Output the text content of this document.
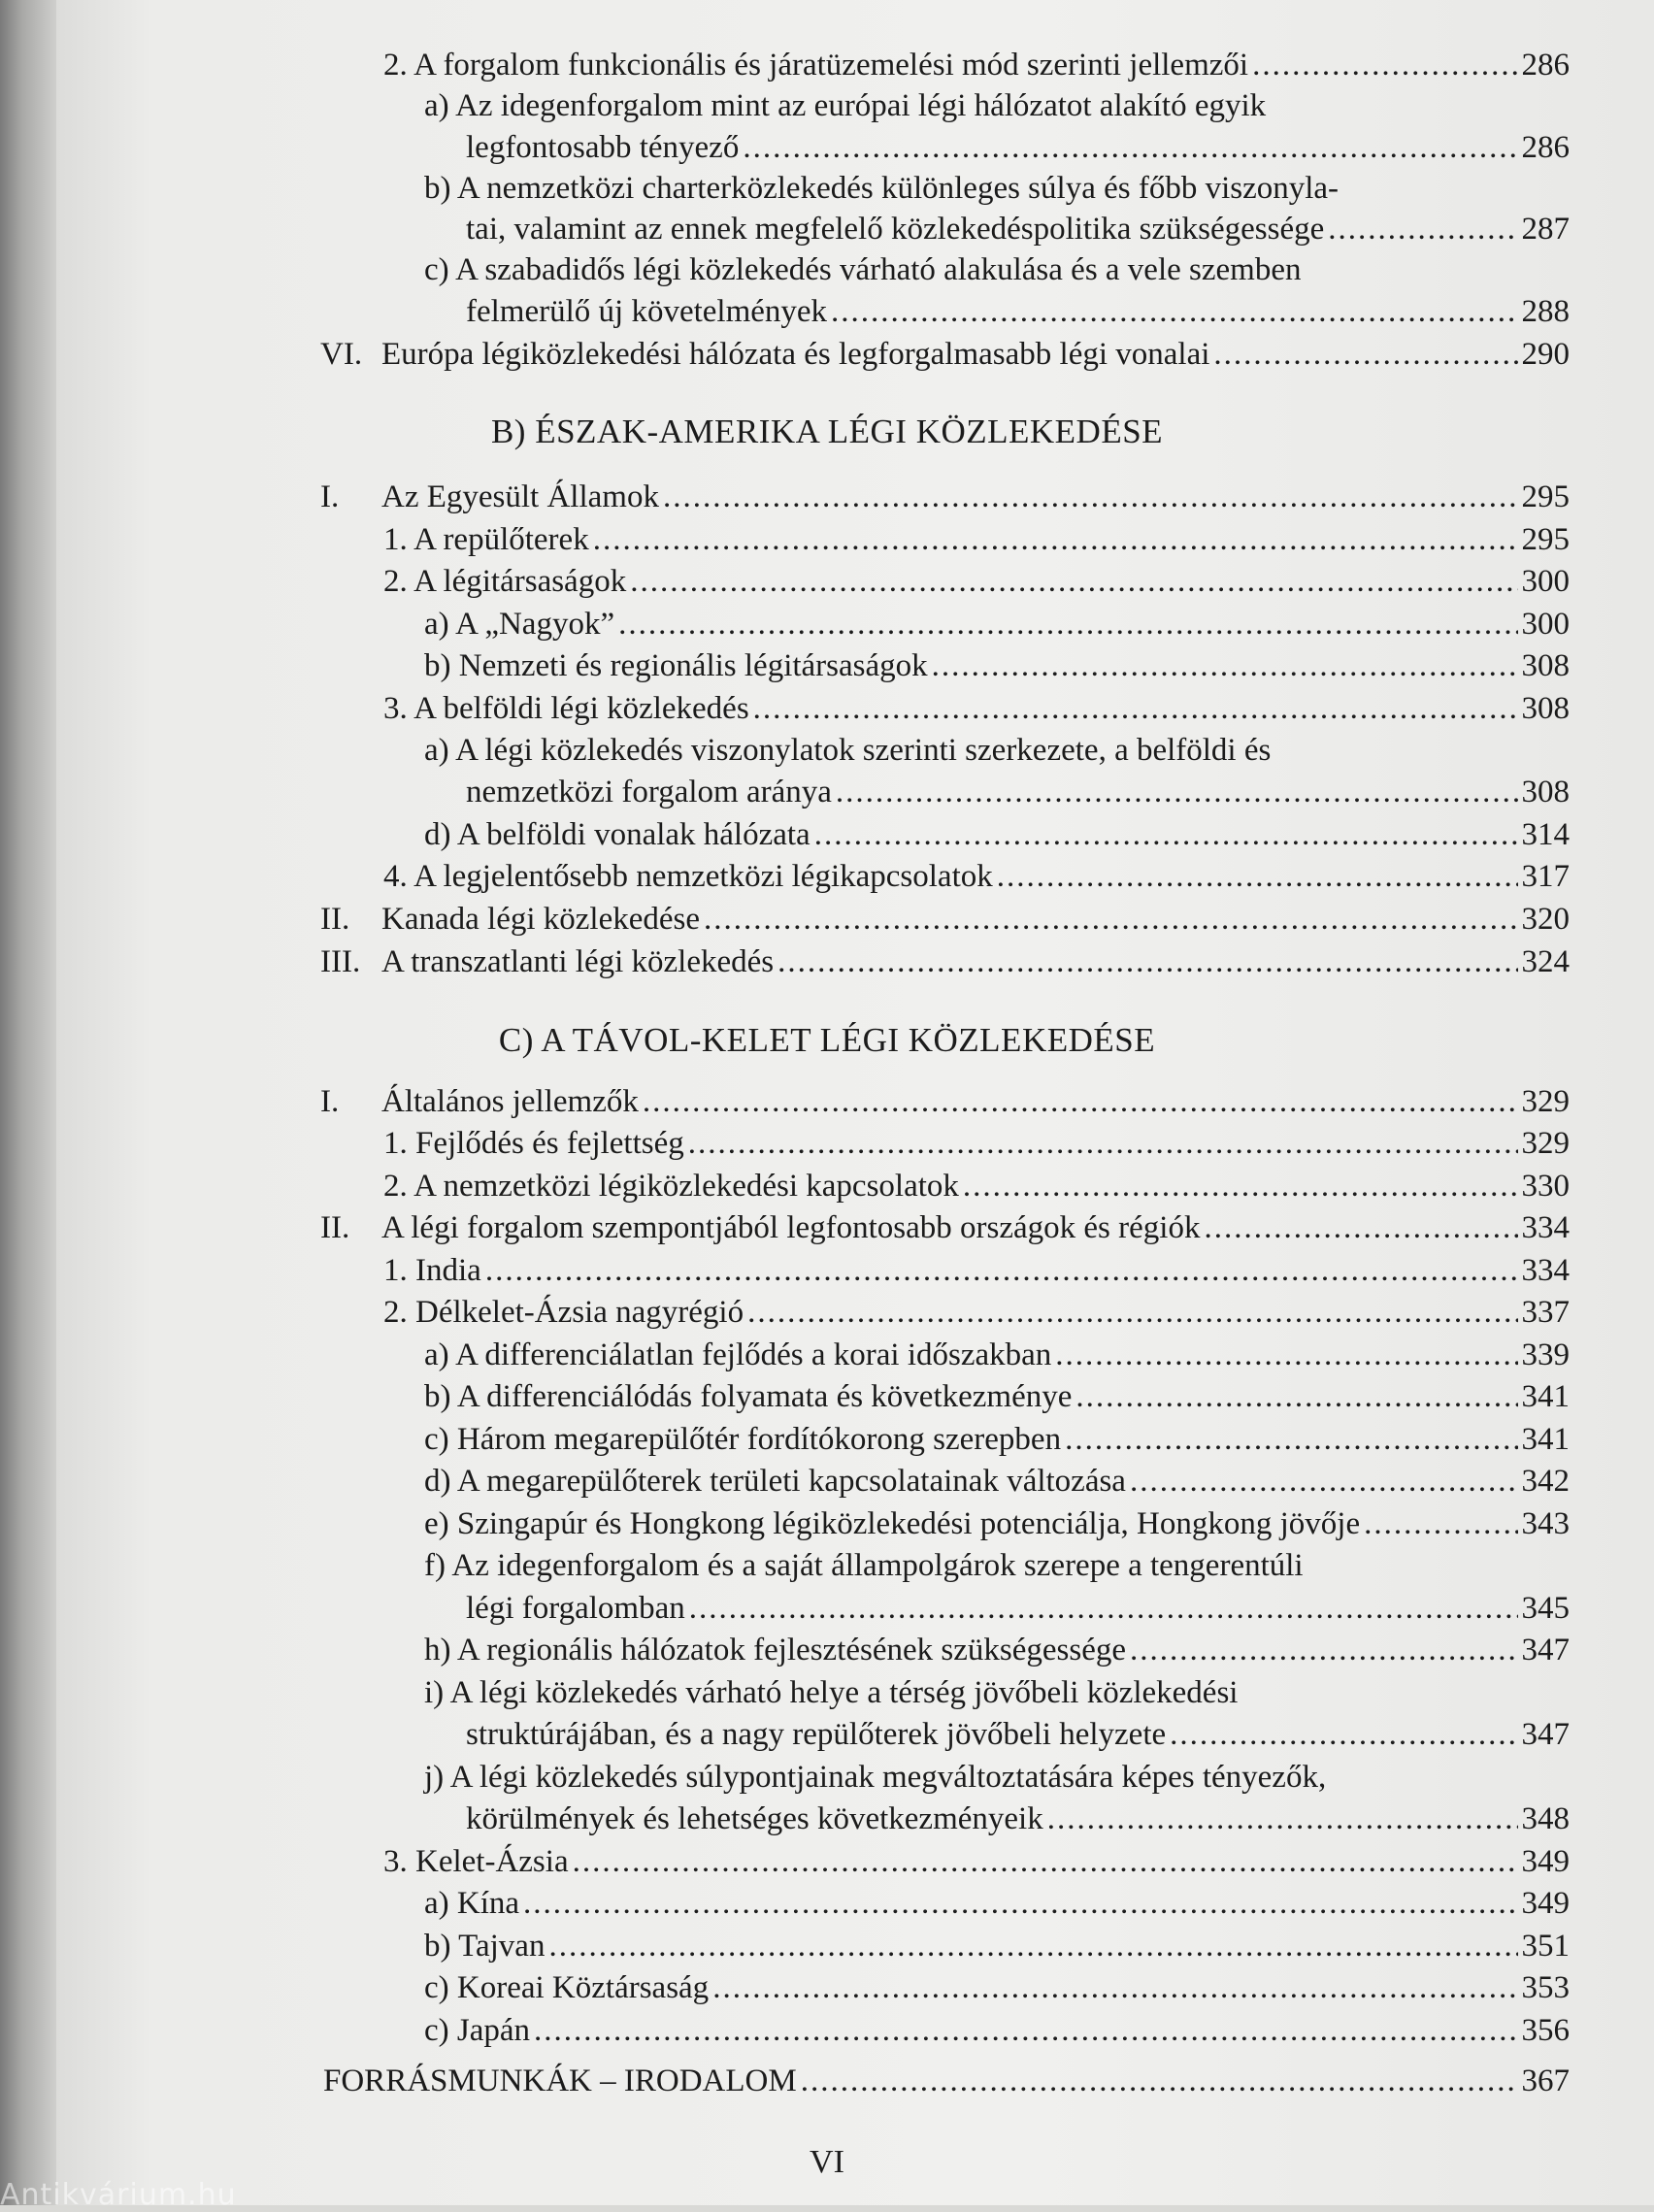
2. A forgalom funkcionális és járatüzemelési mód szerinti jellemzői .....	286
a) Az idegenforgalom mint az európai légi hálózatot alakító egyik
legfontosabb tényező .....	286
b) A nemzetközi charterközlekedés különleges súlya és főbb viszonyla-
tai, valamint az ennek megfelelő közlekedéspolitika szükségessége .....	287
c) A szabadidős légi közlekedés várható alakulása és a vele szemben
felmerülő új követelmények .....	288
VI. Európa légiközlekedési hálózata és legforgalmasabb légi vonalai .....	290
B) ÉSZAK-AMERIKA LÉGI KÖZLEKEDÉSE
I. Az Egyesült Államok .....	295
1. A repülőterek .....	295
2. A légitársaságok .....	300
a) A „Nagyok” .....	300
b) Nemzeti és regionális légitársaságok .....	308
3. A belföldi légi közlekedés .....	308
a) A légi közlekedés viszonylatok szerinti szerkezete, a belföldi és
nemzetközi forgalom aránya .....	308
d) A belföldi vonalak hálózata .....	314
4. A legjelentősebb nemzetközi légikapcsolatok .....	317
II. Kanada légi közlekedése .....	320
III. A transzatlanti légi közlekedés .....	324
C) A TÁVOL-KELET LÉGI KÖZLEKEDÉSE
I. Általános jellemzők .....	329
1. Fejlődés és fejlettség .....	329
2. A nemzetközi légiközlekedési kapcsolatok .....	330
II. A légi forgalom szempontjából legfontosabb országok és régiók .....	334
1. India .....	334
2. Délkelet-Ázsia nagyrégió .....	337
a) A differenciálatlan fejlődés a korai időszakban .....	339
b) A differenciálódás folyamata és következménye .....	341
c) Három megarepülőtér fordítókorong szerepben .....	341
d) A megarepülőterek területi kapcsolatainak változása .....	342
e) Szingapúr és Hongkong légiközlekedési potenciálja, Hongkong jövője .....	343
f) Az idegenforgalom és a saját állampolgárok szerepe a tengerentúli
légi forgalomban .....	345
h) A regionális hálózatok fejlesztésének szükségessége .....	347
i) A légi közlekedés várható helye a térség jövőbeli közlekedési
struktúrájában, és a nagy repülőterek jövőbeli helyzete .....	347
j) A légi közlekedés súlypontjainak megváltoztatására képes tényezők,
körülmények és lehetséges következményeik .....	348
3. Kelet-Ázsia .....	349
a) Kína .....	349
b) Tajvan .....	351
c) Koreai Köztársaság .....	353
c) Japán .....	356
FORRÁSMUNKÁK – IRODALOM .....	367
VI
Antikvárium.hu
